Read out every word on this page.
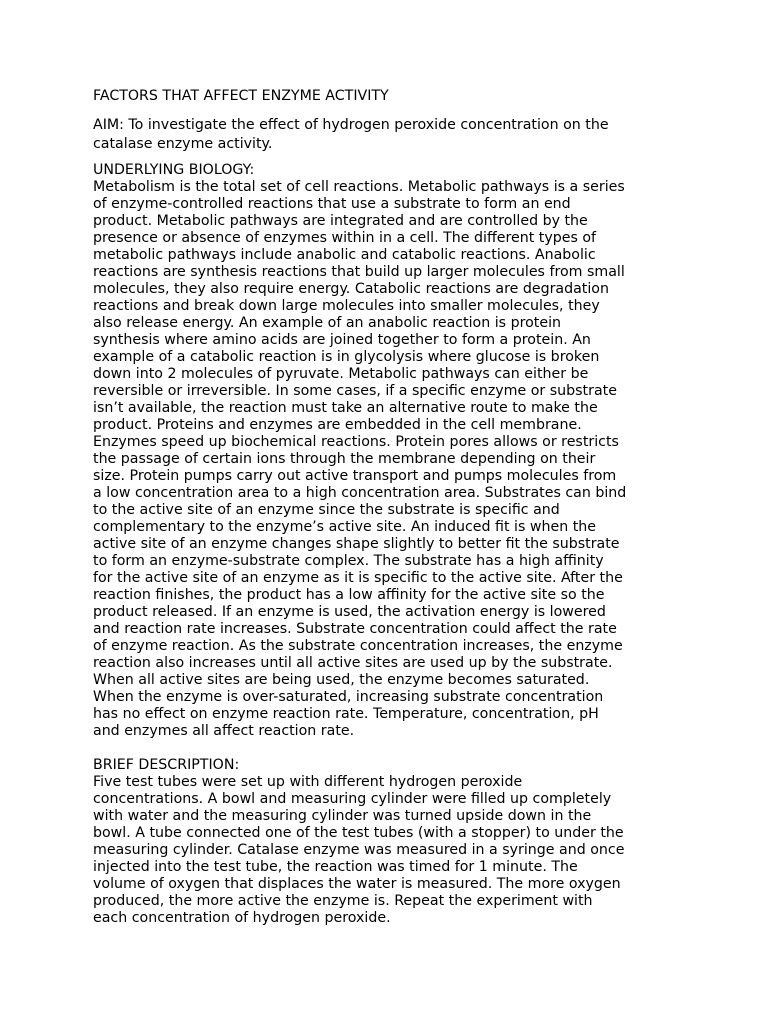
FACTORS THAT AFFECT ENZYME ACTIVITY
AIM: To investigate the effect of hydrogen peroxide concentration on the
catalase enzyme activity.
UNDERLYING BIOLOGY:
Metabolism is the total set of cell reactions. Metabolic pathways is a series
of enzyme-controlled reactions that use a substrate to form an end
product. Metabolic pathways are integrated and are controlled by the
presence or absence of enzymes within in a cell. The different types of
metabolic pathways include anabolic and catabolic reactions. Anabolic
reactions are synthesis reactions that build up larger molecules from small
molecules, they also require energy. Catabolic reactions are degradation
reactions and break down large molecules into smaller molecules, they
also release energy. An example of an anabolic reaction is protein
synthesis where amino acids are joined together to form a protein. An
example of a catabolic reaction is in glycolysis where glucose is broken
down into 2 molecules of pyruvate. Metabolic pathways can either be
reversible or irreversible. In some cases, if a specific enzyme or substrate
isn’t available, the reaction must take an alternative route to make the
product. Proteins and enzymes are embedded in the cell membrane.
Enzymes speed up biochemical reactions. Protein pores allows or restricts
the passage of certain ions through the membrane depending on their
size. Protein pumps carry out active transport and pumps molecules from
a low concentration area to a high concentration area. Substrates can bind
to the active site of an enzyme since the substrate is specific and
complementary to the enzyme’s active site. An induced fit is when the
active site of an enzyme changes shape slightly to better fit the substrate
to form an enzyme-substrate complex. The substrate has a high affinity
for the active site of an enzyme as it is specific to the active site. After the
reaction finishes, the product has a low affinity for the active site so the
product released. If an enzyme is used, the activation energy is lowered
and reaction rate increases. Substrate concentration could affect the rate
of enzyme reaction. As the substrate concentration increases, the enzyme
reaction also increases until all active sites are used up by the substrate.
When all active sites are being used, the enzyme becomes saturated.
When the enzyme is over-saturated, increasing substrate concentration
has no effect on enzyme reaction rate. Temperature, concentration, pH
and enzymes all affect reaction rate.
BRIEF DESCRIPTION:
Five test tubes were set up with different hydrogen peroxide
concentrations. A bowl and measuring cylinder were filled up completely
with water and the measuring cylinder was turned upside down in the
bowl. A tube connected one of the test tubes (with a stopper) to under the
measuring cylinder. Catalase enzyme was measured in a syringe and once
injected into the test tube, the reaction was timed for 1 minute. The
volume of oxygen that displaces the water is measured. The more oxygen
produced, the more active the enzyme is. Repeat the experiment with
each concentration of hydrogen peroxide.
